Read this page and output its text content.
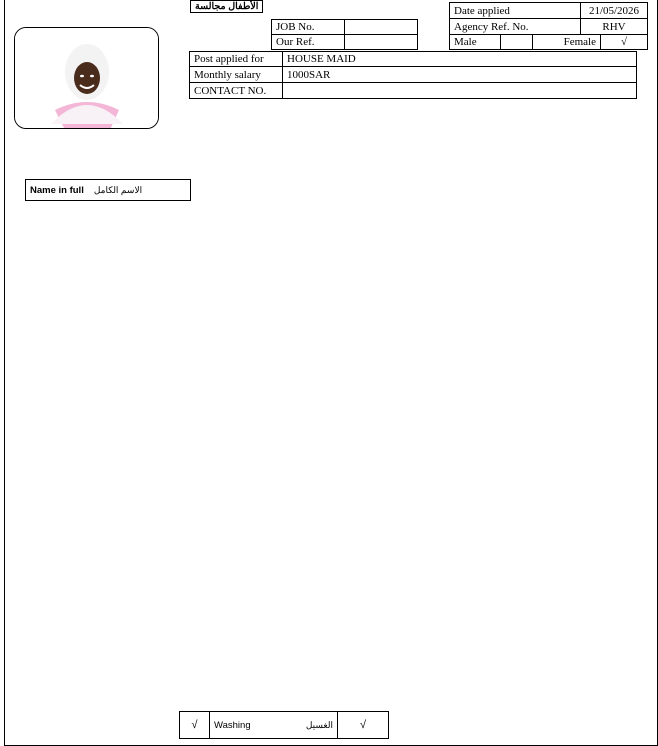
JOB No.
Our Ref.
Date applied	21/05/2026
Agency Ref. No.	RHV
Male	Female √
Post applied for HOUSE MAID
Monthly salary 1000SAR
CONTACT NO.
Name in full الاسم الكامل
الأطفال مجالسة
√ Washing	الغسيل √
